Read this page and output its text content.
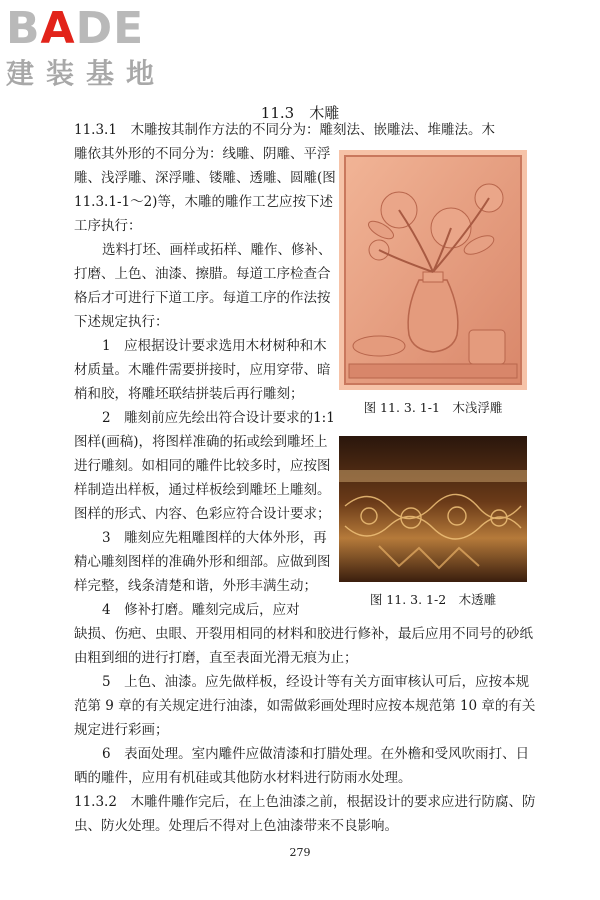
BADE
建装基地
11.3　木雕

11.3.1　木雕按其制作方法的不同分为：雕刻法、嵌雕法、堆雕法。木

雕依其外形的不同分为：线雕、阴雕、平浮雕、浅浮雕、深浮雕、镂雕、透雕、圆雕(图 11.3.1-1～2)等，木雕的雕作工艺应按下述工序执行：

选料打坯、画样或拓样、雕作、修补、打磨、上色、油漆、擦腊。每道工序检查合格后才可进行下道工序。每道工序的作法按下述规定执行：

1　应根据设计要求选用木材树种和木材质量。木雕件需要拼接时，应用穿带、暗梢和胶，将雕坯联结拼装后再行雕刻；

2　雕刻前应先绘出符合设计要求的1:1 图样(画稿)，将图样准确的拓或绘到雕坯上进行雕刻。如相同的雕件比较多时，应按图样制造出样板，通过样板绘到雕坯上雕刻。图样的形式、内容、色彩应符合设计要求；

3　雕刻应先粗雕图样的大体外形，再精心雕刻图样的准确外形和细部。应做到图样完整，线条清楚和谐，外形丰满生动；

4　修补打磨。雕刻完成后，应对

图 11. 3. 1-1　木浅浮雕
图 11. 3. 1-2　木透雕

缺损、伤疤、虫眼、开裂用相同的材料和胶进行修补，最后应用不同号的砂纸由粗到细的进行打磨，直至表面光滑无痕为止；

5　上色、油漆。应先做样板，经设计等有关方面审核认可后，应按本规范第 9 章的有关规定进行油漆，如需做彩画处理时应按本规范第 10 章的有关规定进行彩画；

6　表面处理。室内雕件应做清漆和打腊处理。在外檐和受风吹雨打、日晒的雕件，应用有机硅或其他防水材料进行防雨水处理。

11.3.2　木雕件雕作完后，在上色油漆之前，根据设计的要求应进行防腐、防虫、防火处理。处理后不得对上色油漆带来不良影响。

279
